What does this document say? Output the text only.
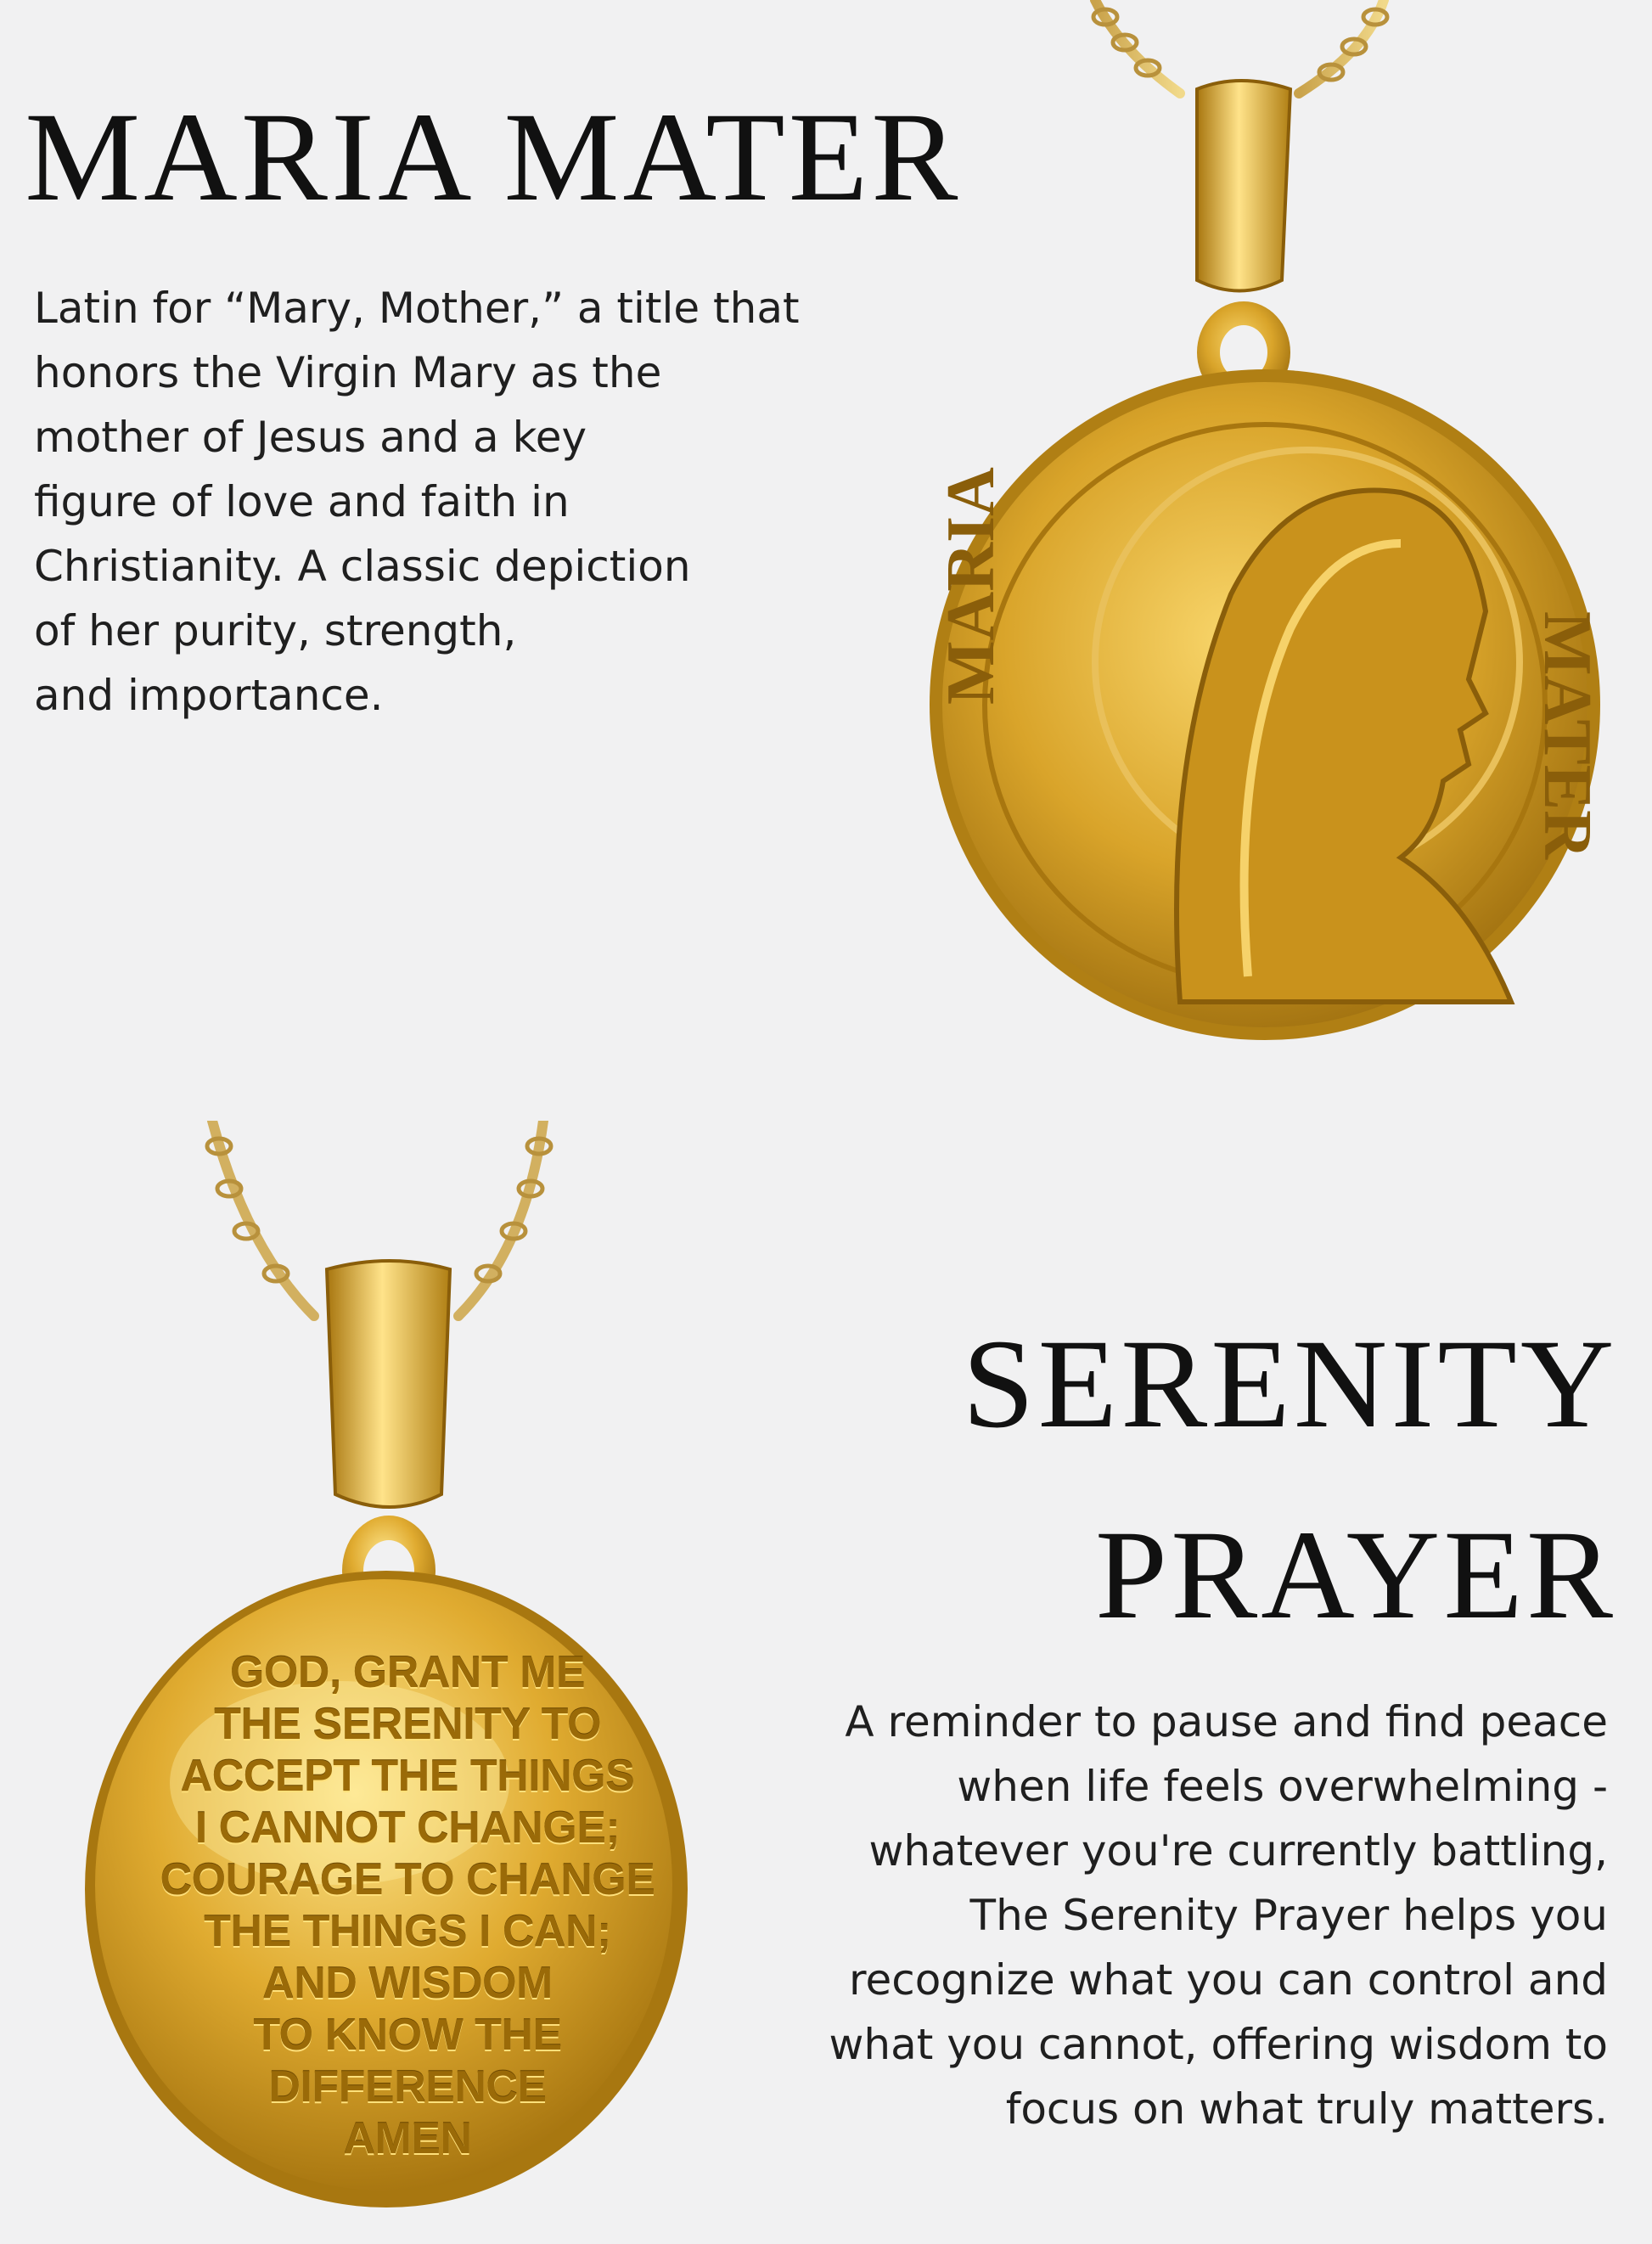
MARIA MATER

Latin for “Mary, Mother,” a title that
honors the Virgin Mary as the
mother of Jesus and a key
figure of love and faith in
Christianity. A classic depiction
of her purity, strength,
and importance.	MARIA
MATER

GOD, GRANT ME
THE SERENITY TO
ACCEPT THE THINGS
I CANNOT CHANGE;
COURAGE TO CHANGE
THE THINGS I CAN;
AND WISDOM
TO KNOW THE
DIFFERENCE
AMEN

SERENITY
PRAYER

A reminder to pause and find peace
when life feels overwhelming -
whatever you're currently battling,
The Serenity Prayer helps you
recognize what you can control and
what you cannot, offering wisdom to
focus on what truly matters.
